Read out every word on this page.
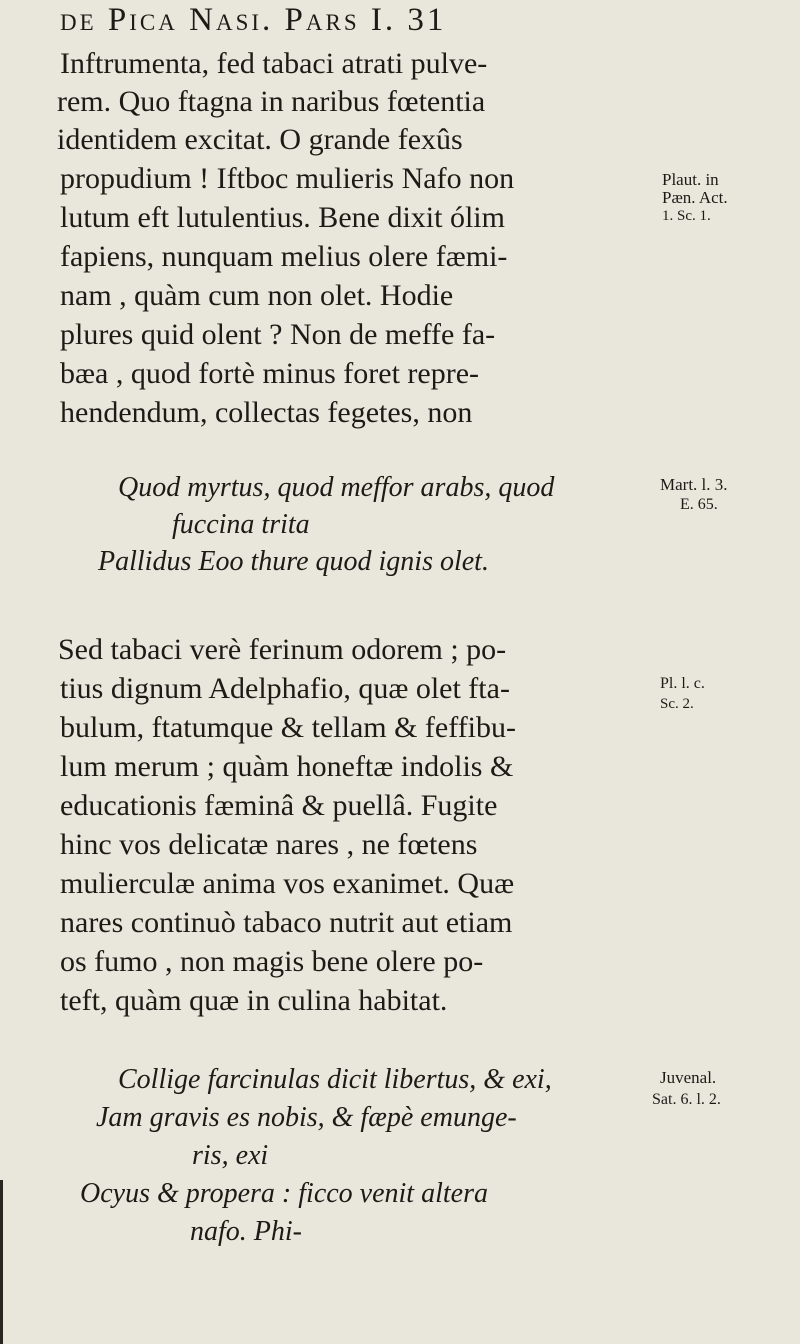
de Pica Nasi. Pars I. 31
Inftrumenta, fed tabaci atrati pulve-
rem. Quo ftagna in naribus fœtentia
identidem excitat. O grande fexûs
propudium ! Iftboc mulieris Nafo non
lutum eft lutulentius. Bene dixit ólim
fapiens, nunquam melius olere fæmi-
nam , quàm cum non olet. Hodie
plures quid olent ? Non de meffe fa-
bæa , quod fortè minus foret repre-
hendendum, collectas fegetes, non
Quod myrtus, quod meffor arabs, quod
fuccina trita
Pallidus Eoo thure quod ignis olet.
Sed tabaci verè ferinum odorem ; po-
tius dignum Adelphafio, quæ olet fta-
bulum, ftatumque & tellam & feffibu-
lum merum ; quàm honeftæ indolis &
educationis fæminâ & puellâ. Fugite
hinc vos delicatæ nares , ne fœtens
mulierculæ anima vos exanimet. Quæ
nares continuò tabaco nutrit aut etiam
os fumo , non magis bene olere po-
teft, quàm quæ in culina habitat.
Collige farcinulas dicit libertus, & exi,
Jam gravis es nobis, & fæpè emunge-
ris, exi
Ocyus & propera : ficco venit altera
nafo. Phi-
Plaut. in
Pæn. Act.
1. Sc. 1.
Mart. l. 3.
E. 65.
Pl. l. c.
Sc. 2.
Juvenal.
Sat. 6. l. 2.
